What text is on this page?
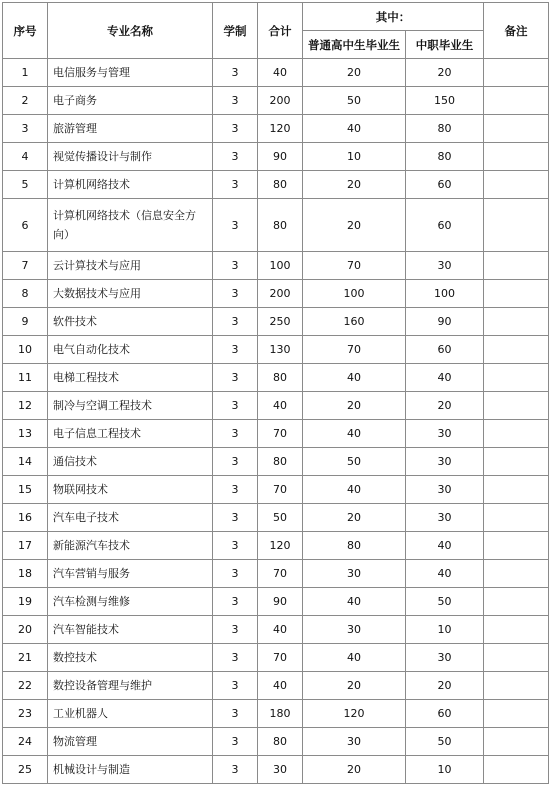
序号	专业名称	学制	合计	其中：		备注
				普通高中生毕业生	中职毕业生	
1	电信服务与管理	3	40	20	20	
2	电子商务	3	200	50	150	
3	旅游管理	3	120	40	80	
4	视觉传播设计与制作	3	90	10	80	
5	计算机网络技术	3	80	20	60	
6	计算机网络技术（信息安全方向）	3	80	20	60	
7	云计算技术与应用	3	100	70	30	
8	大数据技术与应用	3	200	100	100	
9	软件技术	3	250	160	90	
10	电气自动化技术	3	130	70	60	
11	电梯工程技术	3	80	40	40	
12	制冷与空调工程技术	3	40	20	20	
13	电子信息工程技术	3	70	40	30	
14	通信技术	3	80	50	30	
15	物联网技术	3	70	40	30	
16	汽车电子技术	3	50	20	30	
17	新能源汽车技术	3	120	80	40	
18	汽车营销与服务	3	70	30	40	
19	汽车检测与维修	3	90	40	50	
20	汽车智能技术	3	40	30	10	
21	数控技术	3	70	40	30	
22	数控设备管理与维护	3	40	20	20	
23	工业机器人	3	180	120	60	
24	物流管理	3	80	30	50	
25	机械设计与制造	3	30	20	10	
